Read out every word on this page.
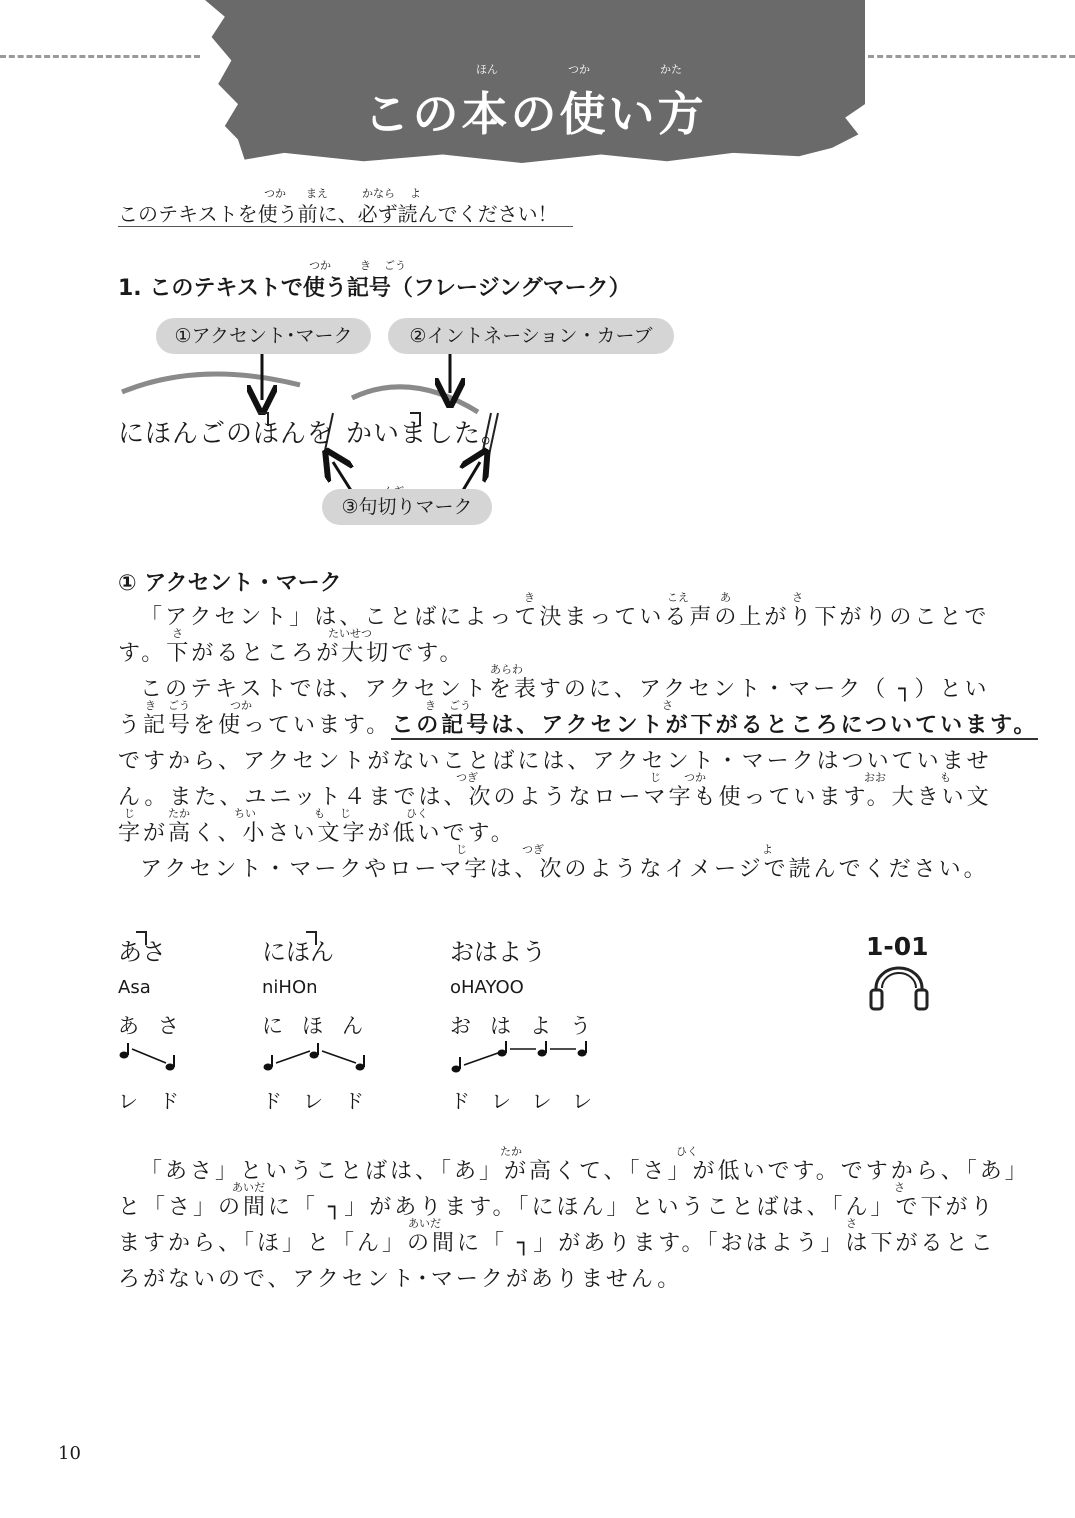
ほん	つか	かた
この本の使い方
つか まえ	かなら よ
このテキストを使う前に、必ず読んでください！
つか	き ごう
1. このテキストで使う記号（フレージングマーク）
①アクセント･マーク	②イントネーション・カーブ
にほんごのほんを かいました。
③句切りマーク
① アクセント・マーク
き	こえ	あ	さ
さ	たいせつ
あらわ
き ごう	つか	さ
き ごう
つぎ	じ つか	おお	も
じ	たか	ちい	も じ	ひく
じ	つぎ	よ

「アクセント」は、ことばによって決まっている声の上がり下がりのことで

す。下がるところが大切です。

このテキストでは、アクセントを表すのに、アクセント・マーク（ ┐）とい

う記号を使っています。この記号は、アクセントが下がるところについています。

ですから、アクセントがないことばには、アクセント・マークはついていませ

ん。また、ユニット４までは、次のようなローマ字も使っています。大きい文

字が高く、小さい文字が低いです。

アクセント・マークやローマ字は、次のようなイメージで読んでください。

あさ	にほん	おはよう
Asa	niHOn	oHAYOO
あさ	にほん	おはよう
レド	ドレド	ドレレレ
1-01
たか	ひく
あいだ	さ
あいだ	さ

「あさ」ということばは、「あ」が高くて、「さ」が低いです。ですから、「あ」

と「さ」の間に「 ┐」があります。「にほん」ということばは、「ん」で下がり

ますから、「ほ」と「ん」の間に「 ┐」があります。「おはよう」は下がるとこ

ろがないので、アクセント･マークがありません。

10
